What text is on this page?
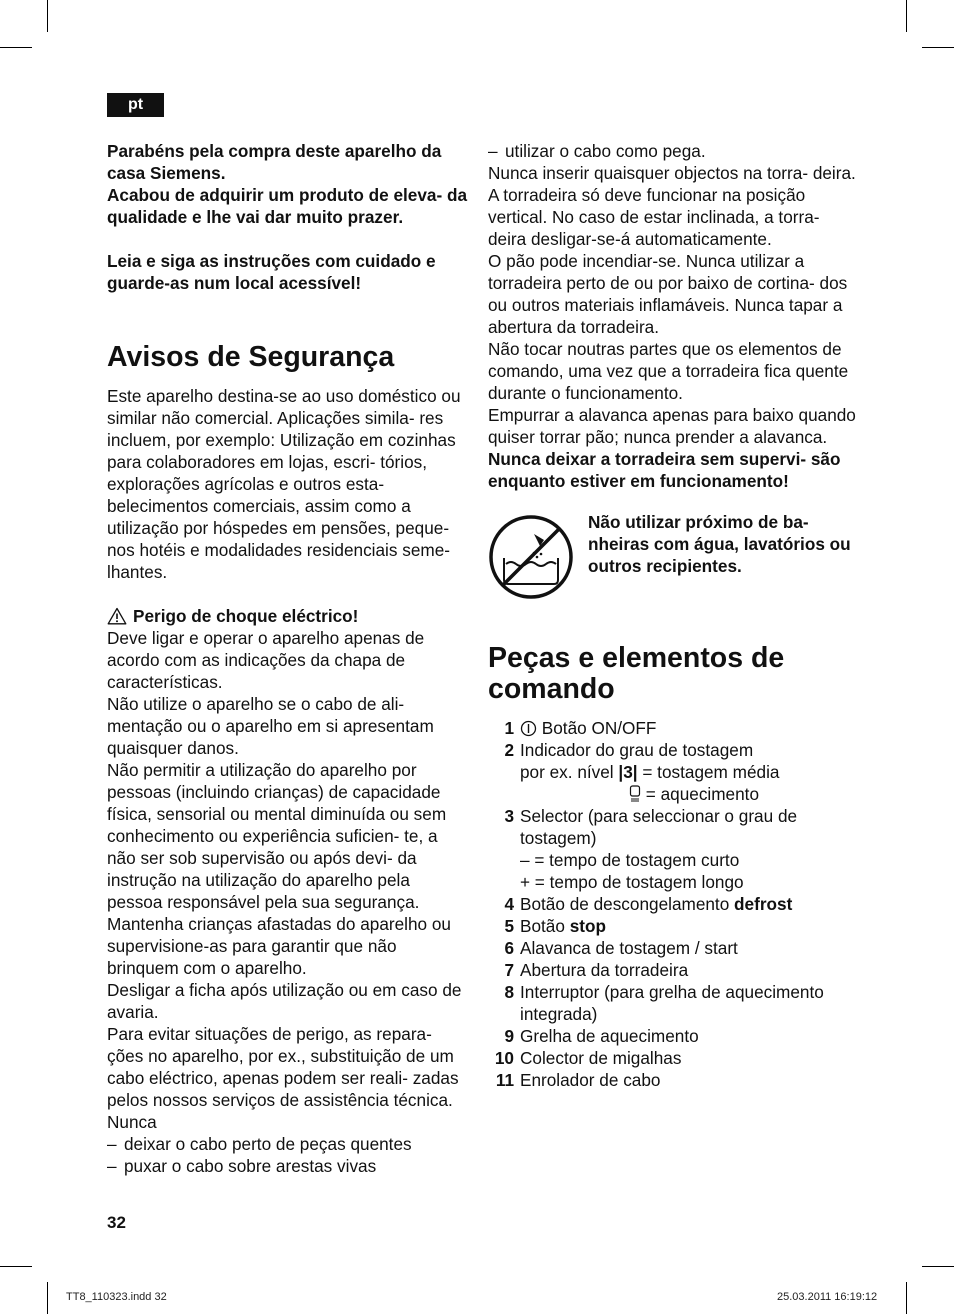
pt

Parabéns pela compra deste aparelho da casa Siemens.

Acabou de adquirir um produto de eleva- da qualidade e lhe vai dar muito prazer.

Leia e siga as instruções com cuidado e guarde-as num local acessível!

Avisos de Segurança

Este aparelho destina-se ao uso doméstico ou similar não comercial. Aplicações simila- res incluem, por exemplo: Utilização em cozinhas para colaboradores em lojas, escri- tórios, explorações agrícolas e outros esta- belecimentos comerciais, assim como a utilização por hóspedes em pensões, peque- nos hotéis e modalidades residenciais seme- lhantes.

Perigo de choque eléctrico!

Deve ligar e operar o aparelho apenas de acordo com as indicações da chapa de características.

Não utilize o aparelho se o cabo de ali- mentação ou o aparelho em si apresentam quaisquer danos.

Não permitir a utilização do aparelho por pessoas (incluindo crianças) de capacidade física, sensorial ou mental diminuída ou sem conhecimento ou experiência suficien- te, a não ser sob supervisão ou após devi- da instrução na utilização do aparelho pela pessoa responsável pela sua segurança.

Mantenha crianças afastadas do aparelho ou supervisione-as para garantir que não brinquem com o aparelho.

Desligar a ficha após utilização ou em caso de avaria.

Para evitar situações de perigo, as repara- ções no aparelho, por ex., substituição de um cabo eléctrico, apenas podem ser reali- zadas pelos nossos serviços de assistência técnica.

Nunca

– deixar o cabo perto de peças quentes
– puxar o cabo sobre arestas vivas
– utilizar o cabo como pega.

Nunca inserir quaisquer objectos na torra- deira.

A torradeira só deve funcionar na posição vertical. No caso de estar inclinada, a torra- deira desligar-se-á automaticamente.

O pão pode incendiar-se. Nunca utilizar a torradeira perto de ou por baixo de cortina- dos ou outros materiais inflamáveis. Nunca tapar a abertura da torradeira.

Não tocar noutras partes que os elementos de comando, uma vez que a torradeira fica quente durante o funcionamento.

Empurrar a alavanca apenas para baixo quando quiser torrar pão; nunca prender a alavanca.

Nunca deixar a torradeira sem supervi- são enquanto estiver em funcionamento!

Não utilizar próximo de ba- nheiras com água, lavatórios ou outros recipientes.

Peças e elementos de comando
1	Botão ON/OFF
2 Indicador do grau de tostagem
por ex. nível |3| = tostagem média
= aquecimento
3 Selector (para seleccionar o grau de tostagem)
– = tempo de tostagem curto
+ = tempo de tostagem longo
4 Botão de descongelamento defrost
5 Botão stop
6 Alavanca de tostagem / start
7 Abertura da torradeira
8 Interruptor (para grelha de aquecimento integrada)
9 Grelha de aquecimento
10 Colector de migalhas
11 Enrolador de cabo
32
TT8_110323.indd 32	25.03.2011 16:19:12
